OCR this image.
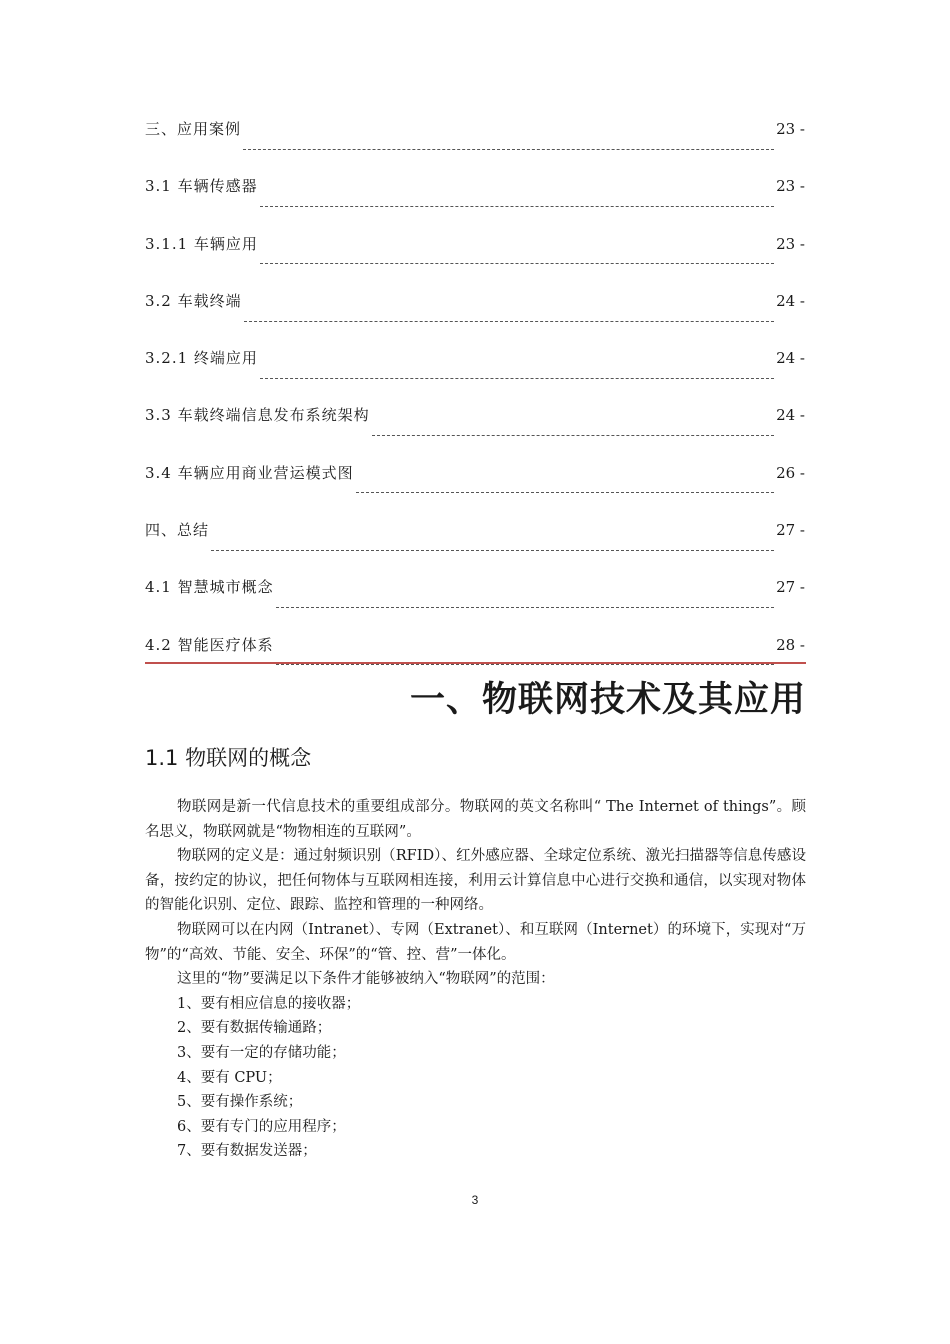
三、应用案例	23 -
3.1 车辆传感器	23 -
3.1.1 车辆应用	23 -
3.2 车载终端	24 -
3.2.1 终端应用	24 -
3.3 车载终端信息发布系统架构	24 -
3.4 车辆应用商业营运模式图	26 -
四、总结	27 -
4.1 智慧城市概念	27 -
4.2 智能医疗体系	28 -
一、物联网技术及其应用
1.1 物联网的概念

物联网是新一代信息技术的重要组成部分。物联网的英文名称叫“ The Internet of things”。顾名思义，物联网就是“物物相连的互联网”。

物联网的定义是：通过射频识别（RFID）、红外感应器、全球定位系统、激光扫描器等信息传感设备，按约定的协议，把任何物体与互联网相连接，利用云计算信息中心进行交换和通信，以实现对物体的智能化识别、定位、跟踪、监控和管理的一种网络。

物联网可以在内网（Intranet）、专网（Extranet）、和互联网（Internet）的环境下，实现对“万物”的“高效、节能、安全、环保”的“管、控、营”一体化。

这里的“物”要满足以下条件才能够被纳入“物联网”的范围：

1、要有相应信息的接收器；

2、要有数据传输通路；

3、要有一定的存储功能；

4、要有 CPU；

5、要有操作系统；

6、要有专门的应用程序；

7、要有数据发送器；

3
